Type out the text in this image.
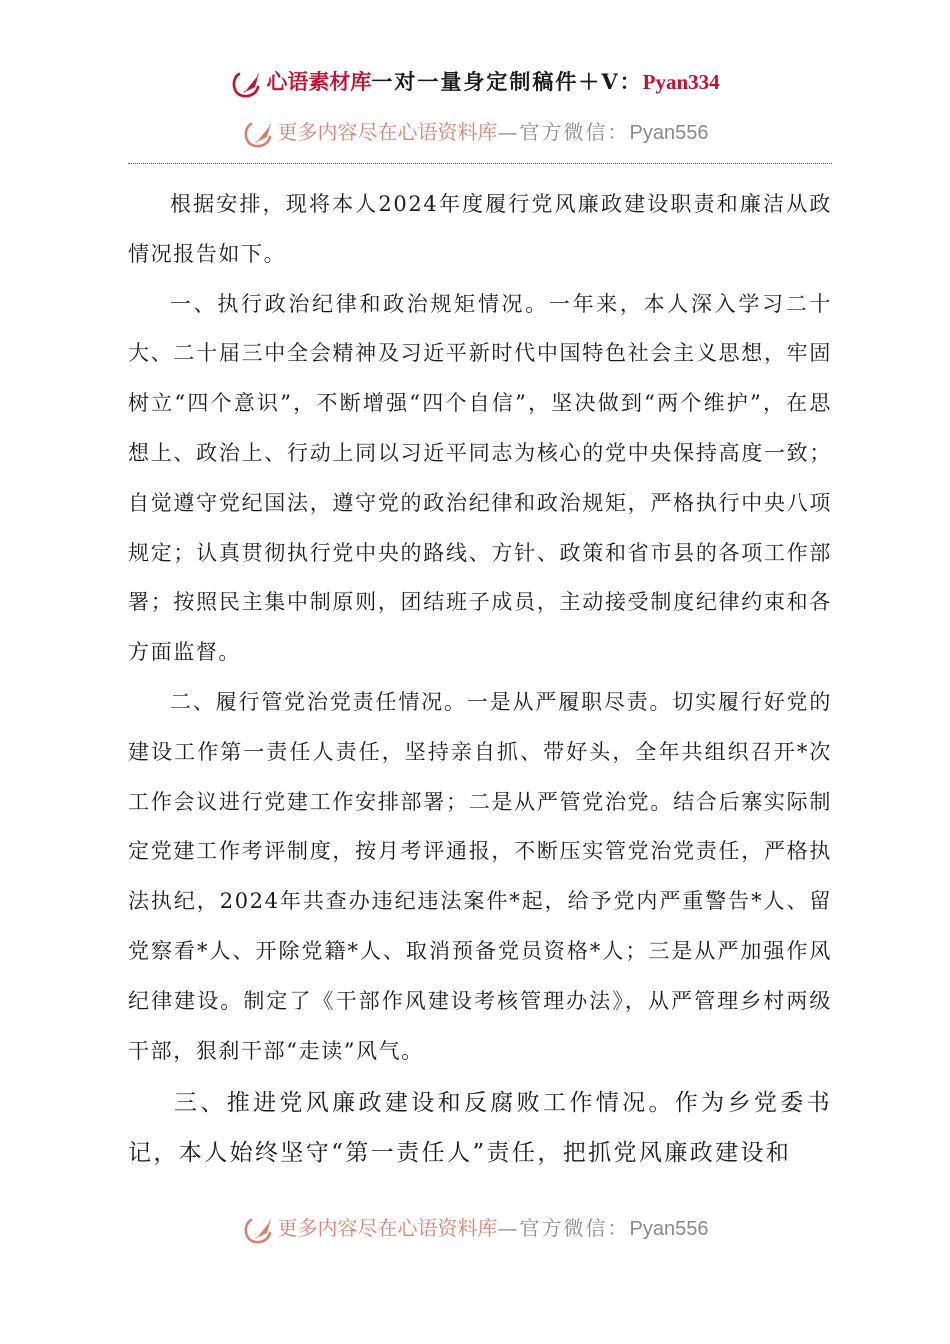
心语素材库一对一量身定制稿件＋V：Pyan334
更多内容尽在心语资料库—官方微信：Pyan556

根据安排，现将本人2024年度履行党风廉政建设职责和廉洁从政情况报告如下。

一、执行政治纪律和政治规矩情况。一年来，本人深入学习二十大、二十届三中全会精神及习近平新时代中国特色社会主义思想，牢固树立“四个意识”，不断增强“四个自信”，坚决做到“两个维护”，在思想上、政治上、行动上同以习近平同志为核心的党中央保持高度一致；自觉遵守党纪国法，遵守党的政治纪律和政治规矩，严格执行中央八项规定；认真贯彻执行党中央的路线、方针、政策和省市县的各项工作部署；按照民主集中制原则，团结班子成员，主动接受制度纪律约束和各方面监督。

二、履行管党治党责任情况。一是从严履职尽责。切实履行好党的建设工作第一责任人责任，坚持亲自抓、带好头，全年共组织召开*次工作会议进行党建工作安排部署；二是从严管党治党。结合后寨实际制定党建工作考评制度，按月考评通报，不断压实管党治党责任，严格执法执纪，2024年共查办违纪违法案件*起，给予党内严重警告*人、留党察看*人、开除党籍*人、取消预备党员资格*人；三是从严加强作风纪律建设。制定了《干部作风建设考核管理办法》，从严管理乡村两级干部，狠刹干部“走读”风气。

三、推进党风廉政建设和反腐败工作情况。作为乡党委书记，本人始终坚守“第一责任人”责任，把抓党风廉政建设和

更多内容尽在心语资料库—官方微信：Pyan556
